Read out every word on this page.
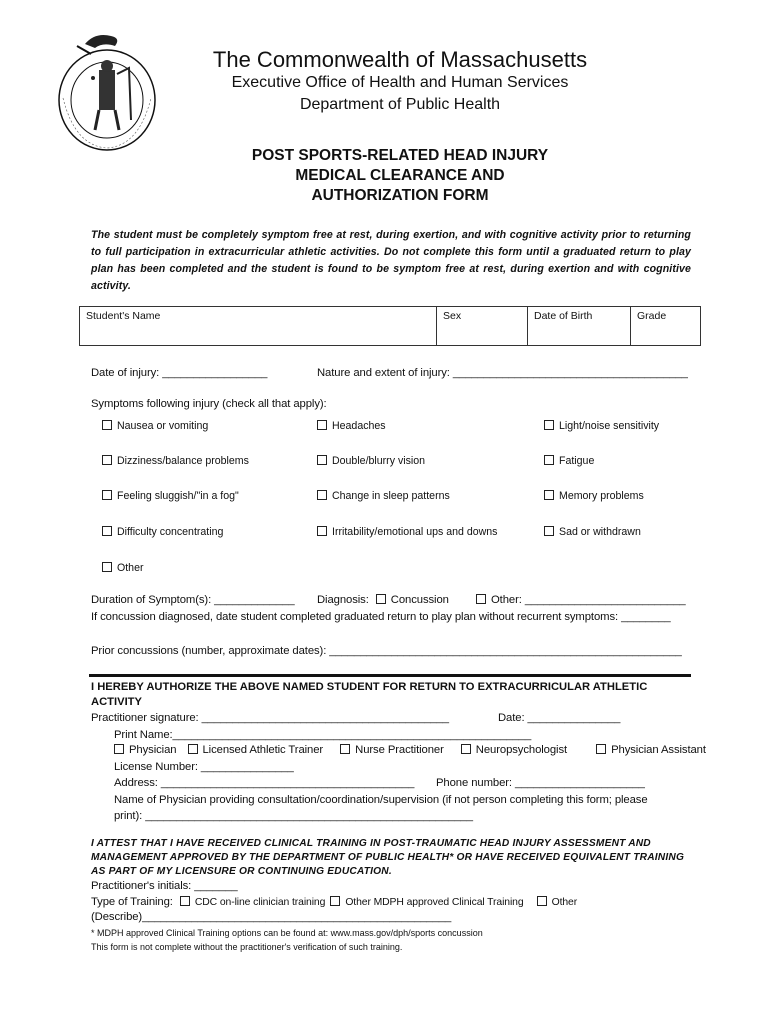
The Commonwealth of Massachusetts
Executive Office of Health and Human Services
Department of Public Health
POST SPORTS-RELATED HEAD INJURY
MEDICAL CLEARANCE AND
AUTHORIZATION FORM
The student must be completely symptom free at rest, during exertion, and with cognitive activity prior to returning to full participation in extracurricular athletic activities. Do not complete this form until a graduated return to play plan has been completed and the student is found to be symptom free at rest, during exertion and with cognitive activity.
Student's Name	Sex	Date of Birth	Grade
Date of injury: _________________	Nature and extent of injury: ______________________________________
Symptoms following injury (check all that apply):
Nausea or vomiting	Headaches	Light/noise sensitivity
Dizziness/balance problems	Double/blurry vision	Fatigue
Feeling sluggish/"in a fog"	Change in sleep patterns	Memory problems
Difficulty concentrating	Irritability/emotional ups and downs	Sad or withdrawn
Other
Duration of Symptom(s): _____________ Diagnosis: Concussion	Other: __________________________
If concussion diagnosed, date student completed graduated return to play plan without recurrent symptoms: ________
Prior concussions (number, approximate dates): _________________________________________________________
I HEREBY AUTHORIZE THE ABOVE NAMED STUDENT FOR RETURN TO EXTRACURRICULAR ATHLETIC ACTIVITY
Practitioner signature: ________________________________________	Date: _______________
Print Name:__________________________________________________________
Physician Licensed Athletic Trainer	Nurse Practitioner	Neuropsychologist	Physician Assistant
License Number: _______________
Address: _________________________________________ Phone number: _____________________
Name of Physician providing consultation/coordination/supervision (if not person completing this form; please
print): _____________________________________________________
I ATTEST THAT I HAVE RECEIVED CLINICAL TRAINING IN POST-TRAUMATIC HEAD INJURY ASSESSMENT AND MANAGEMENT APPROVED BY THE DEPARTMENT OF PUBLIC HEALTH* OR HAVE RECEIVED EQUIVALENT TRAINING AS PART OF MY LICENSURE OR CONTINUING EDUCATION.
Practitioner's initials: _______
Type of Training: CDC on-line clinician training Other MDPH approved Clinical Training	Other
(Describe)__________________________________________________
* MDPH approved Clinical Training options can be found at: www.mass.gov/dph/sports concussion
This form is not complete without the practitioner's verification of such training.
